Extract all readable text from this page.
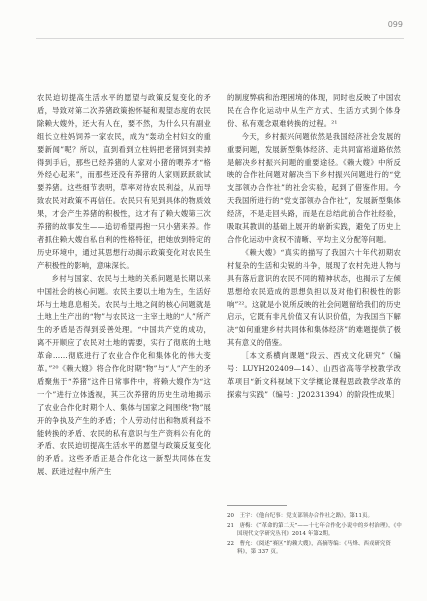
099

农民迫切提高生活水平的愿望与政策反复变化的矛盾，导致对第二次养猪政策抱怀疑和观望态度的农民除赖大嫂外，还大有人在，要不然，为什么只有副业组长立柱妈饲养一家农民，成为“轰动全村妇女的重要新闻”呢？所以，直到看到立柱妈把老猪饲到卖掉得到手后，那些已经养猪的人家对小猪的喂养才“格外经心起来”，而那些还没有养猪的人家则跃跃欲试要养猪。这些细节表明，草率对待农民利益，从而导致农民对政策不再信任。农民只有见到具体的物质效果，才会产生养猪的积极性，这才有了赖大嫂第三次养猪的故事发生——追切希望再抱一只小猪来养。作者抓住赖大嫂自私自利的性格特征，把她放到特定的历史环境中，通过其思想行动揭示政策变化对农民生产积极性的影响，意味深长。

乡村与国家、农民与土地的关系问题是长期以来中国社会的核心问题。农民主要以土地为生，生活好坏与土地息息相关。农民与土地之间的核心问题就是土地上生产出的“物”与农民这一主宰土地的“人”所产生的矛盾是否得到妥善处理。“中国共产党的成功，离不开顺应了农民对土地的需要，实行了彻底的土地革命……彻底进行了农业合作化和集体化的伟大变革。”²⁰《赖大嫂》将合作化时期“物”与“人”产生的矛盾聚焦于“养猪”这件日常事件中，将赖大嫂作为“这一个”进行立体透视，其三次养猪的历史生动地揭示了农业合作化时期个人、集体与国家之间围绕“物”展开的争执及产生的矛盾；个人劳动付出和物质利益不能转换的矛盾、农民的私有意识与生产资料公有化的矛盾、农民迫切提高生活水平的愿望与政策反复变化的矛盾。这些矛盾正是合作化这一新型共同体在发展、跃进过程中所产生

的制度弊病和治理困境的体现，同时也反映了中国农民在合作化运动中从生产方式、生活方式到个体身份、私有观念艰难转换的过程。²¹

今天，乡村振兴问题依然是我国经济社会发展的重要问题，发展新型集体经济、走共同富裕道路依然是解决乡村振兴问题的重要途径。《赖大嫂》中所反映的合作社问题对解决当下乡村振兴问题进行的“党支部领办合作社”的社会实验，起到了借鉴作用。今天我国所进行的“党支部领办合作社”，发展新型集体经济，不是走回头路，而是在总结此前合作社经验，吸取其教训的基础上展开的崭新实践，避免了历史上合作化运动中贪权不清晰、平均主义分配等问题。

《赖大嫂》“真实的描写了我国六十年代初期农村复杂的生活和尖锐的斗争，展现了农村先进人物与具有落后意识的农民不同的精神状态，也揭示了左倾思想给农民造成的思想负担以及对他们积极性的影响”²²。这就是小说所反映的社会问题留给我们的历史启示，它既有非凡价值又有认识价值，为我国当下解决“如何重建乡村共同体和集体经济”的难题提供了极其有意义的借鉴。

［本文系横向课题“段云、西戎文化研究”（编号：LUYH202409—14）、山西省高等学校教学改革项目“新文科视域下文学概论课程思政教学改革的探索与实践”（编号：J20231394）的阶段性成果］

20　 王宇：《他台纪事：党支部领办合作社之路》，第11页。

21　 唐梅：《“革命的第二天”——十七年合作化小说中的乡村治理》，《中国现代文学研究丛刊》2014 年第2期。

22　 曹允：《阅述“赛区”的赖大嫂》，高摘等编：《马烽、西戎研究资料》，第 337 页。
